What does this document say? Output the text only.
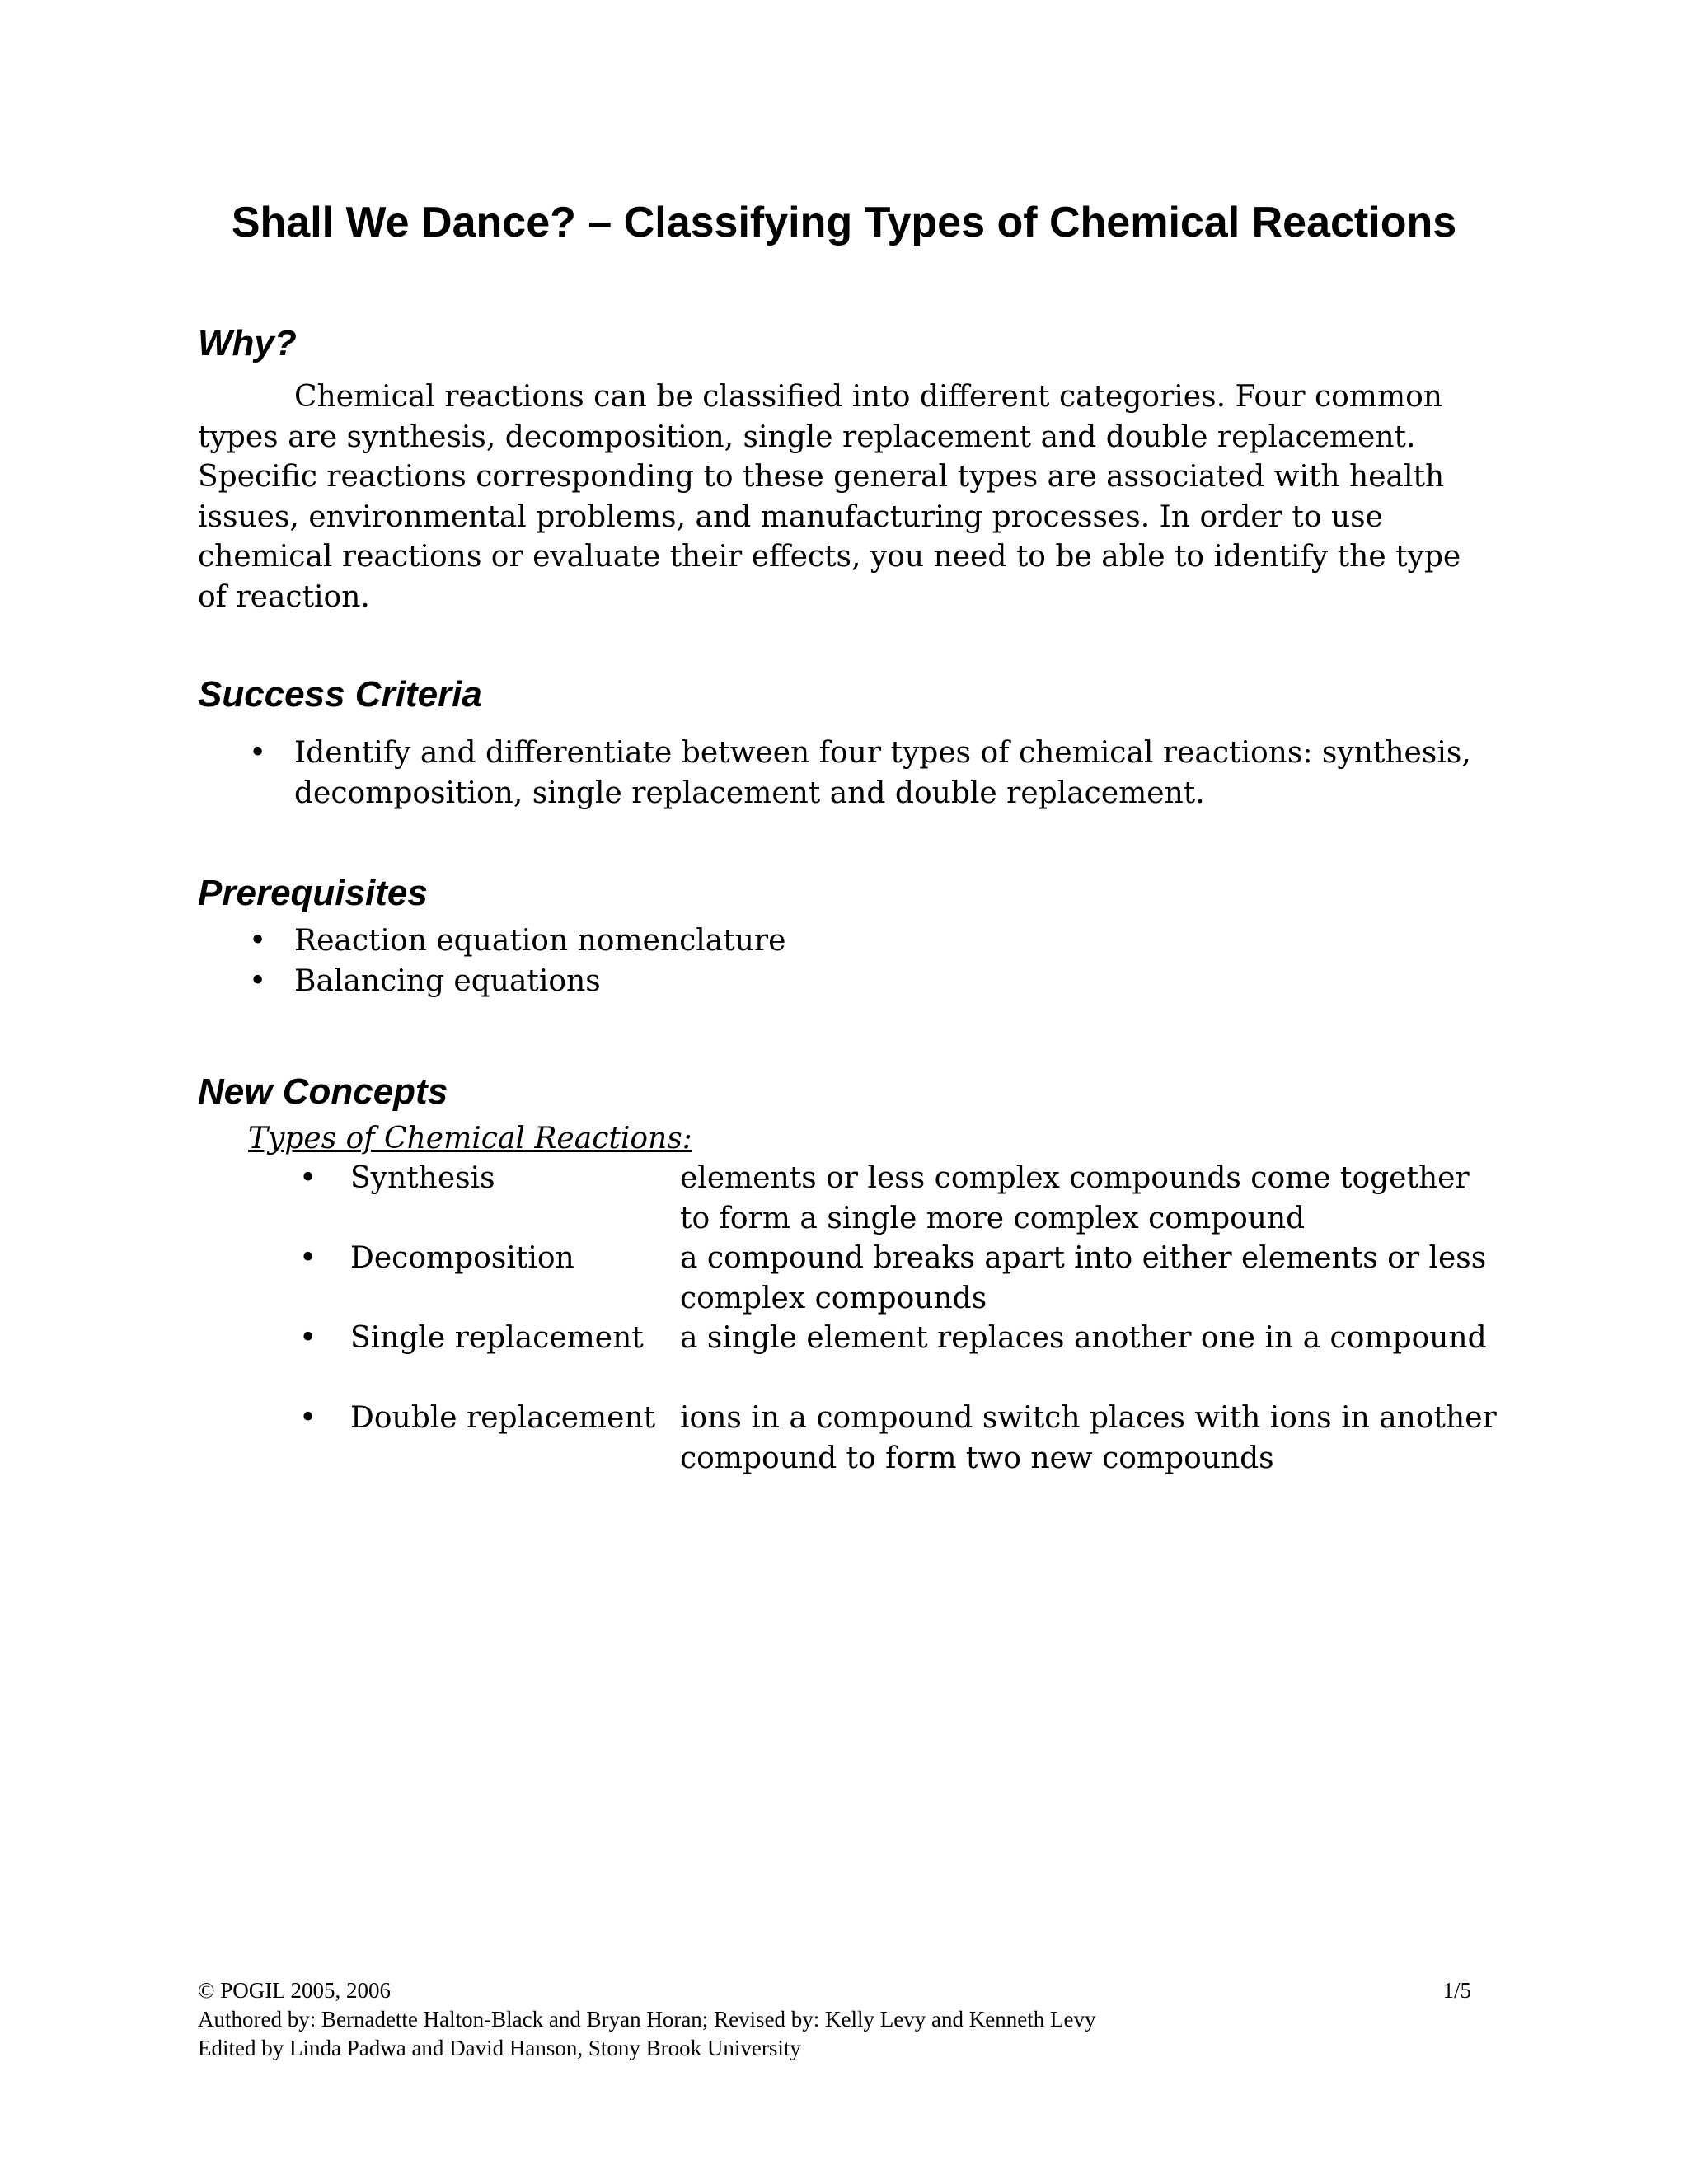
Shall We Dance? – Classifying Types of Chemical Reactions
Why?

Chemical reactions can be classified into different categories. Four common types are synthesis, decomposition, single replacement and double replacement. Specific reactions corresponding to these general types are associated with health issues, environmental problems, and manufacturing processes. In order to use chemical reactions or evaluate their effects, you need to be able to identify the type of reaction.

Success Criteria
• Identify and differentiate between four types of chemical reactions: synthesis, decomposition, single replacement and double replacement.
Prerequisites
• Reaction equation nomenclature
• Balancing equations
New Concepts

Types of Chemical Reactions:

• Synthesis	elements or less complex compounds come together to form a single more complex compound
• Decomposition	a compound breaks apart into either elements or less complex compounds
• Single replacement a single element replaces another one in a compound
• Double replacement ions in a compound switch places with ions in another compound to form two new compounds
© POGIL 2005, 2006	1/5
Authored by: Bernadette Halton-Black and Bryan Horan; Revised by: Kelly Levy and Kenneth Levy
Edited by Linda Padwa and David Hanson, Stony Brook University
